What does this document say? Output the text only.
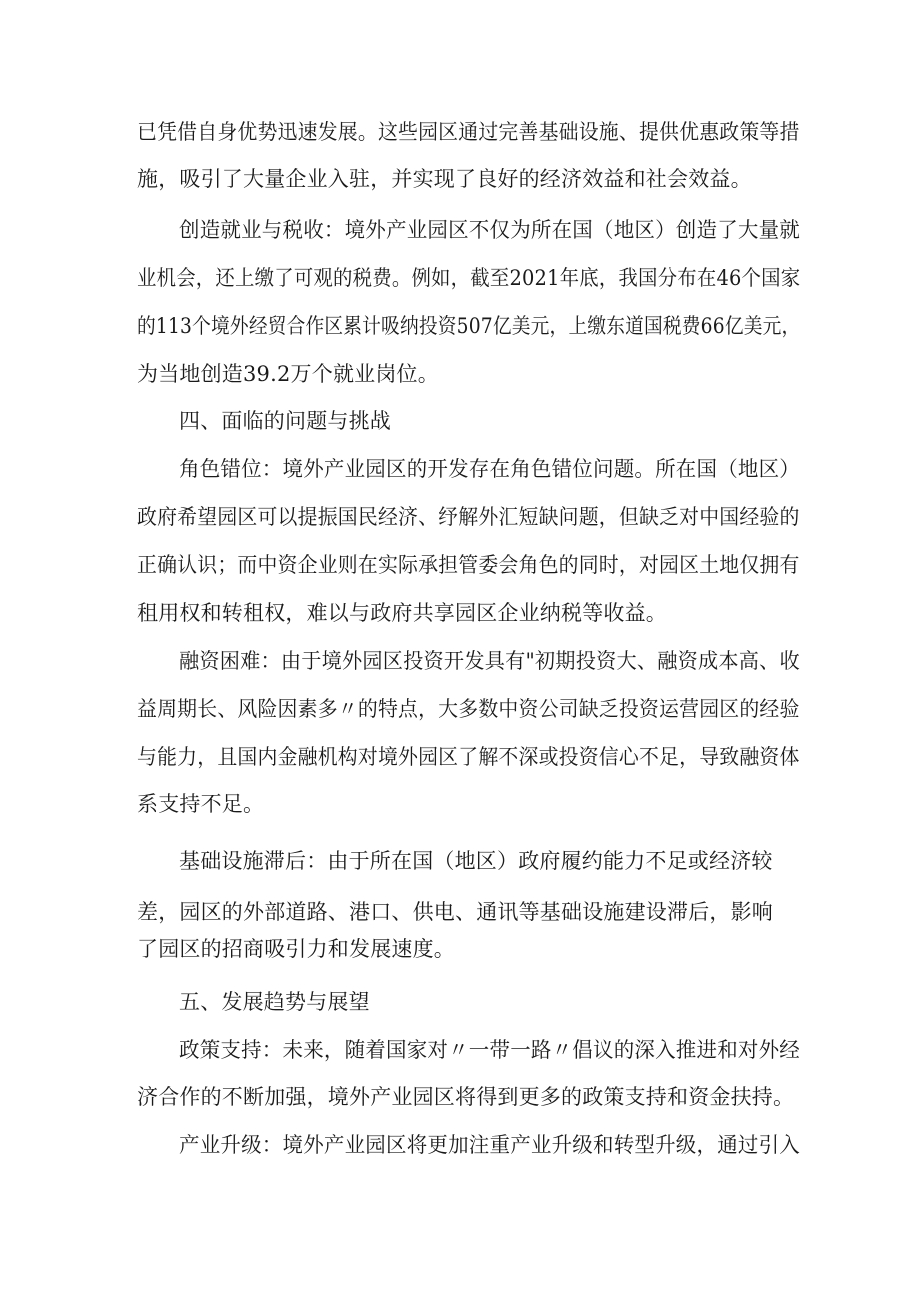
已凭借自身优势迅速发展。这些园区通过完善基础设施、提供优惠政策等措
施，吸引了大量企业入驻，并实现了良好的经济效益和社会效益。
创造就业与税收：境外产业园区不仅为所在国（地区）创造了大量就
业机会，还上缴了可观的税费。例如，截至2021年底，我国分布在46个国家
的113个境外经贸合作区累计吸纳投资507亿美元，上缴东道国税费66亿美元，
为当地创造39.2万个就业岗位。
四、面临的问题与挑战
角色错位：境外产业园区的开发存在角色错位问题。所在国（地区）
政府希望园区可以提振国民经济、纾解外汇短缺问题，但缺乏对中国经验的
正确认识；而中资企业则在实际承担管委会角色的同时，对园区土地仅拥有
租用权和转租权，难以与政府共享园区企业纳税等收益。
融资困难：由于境外园区投资开发具有"初期投资大、融资成本高、收
益周期长、风险因素多〃的特点，大多数中资公司缺乏投资运营园区的经验
与能力，且国内金融机构对境外园区了解不深或投资信心不足，导致融资体
系支持不足。
基础设施滞后：由于所在国（地区）政府履约能力不足或经济较
差，园区的外部道路、港口、供电、通讯等基础设施建设滞后，影响
了园区的招商吸引力和发展速度。
五、发展趋势与展望
政策支持：未来，随着国家对〃一带一路〃倡议的深入推进和对外经
济合作的不断加强，境外产业园区将得到更多的政策支持和资金扶持。
产业升级：境外产业园区将更加注重产业升级和转型升级，通过引入
